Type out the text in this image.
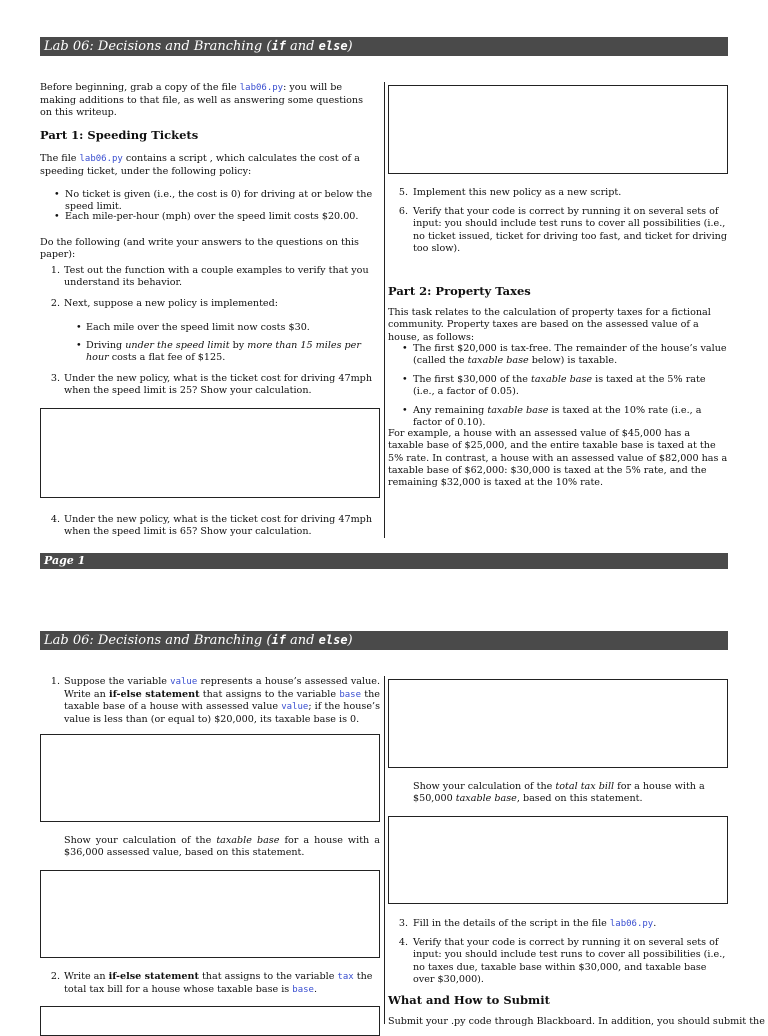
Lab 06: Decisions and Branching (if and else)
Before beginning, grab a copy of the file lab06.py: you will be making additions to that file, as well as answering some questions on this writeup.
Part 1: Speeding Tickets
The file lab06.py contains a script , which calculates the cost of a speeding ticket, under the following policy:
• No ticket is given (i.e., the cost is 0) for driving at or below the speed limit.
• Each mile-per-hour (mph) over the speed limit costs $20.00.
Do the following (and write your answers to the questions on this paper):
1. Test out the function with a couple examples to verify that you understand its behavior.
2. Next, suppose a new policy is implemented:
• Each mile over the speed limit now costs $30.
• Driving under the speed limit by more than 15 miles per hour costs a flat fee of $125.
3. Under the new policy, what is the ticket cost for driving 47mph when the speed limit is 25? Show your calculation.
4. Under the new policy, what is the ticket cost for driving 47mph when the speed limit is 65? Show your calculation.
5. Implement this new policy as a new script.
6. Verify that your code is correct by running it on several sets of input: you should include test runs to cover all possibilities (i.e., no ticket issued, ticket for driving too fast, and ticket for driving too slow).
Part 2: Property Taxes
This task relates to the calculation of property taxes for a fictional community. Property taxes are based on the assessed value of a house, as follows:
• The first $20,000 is tax-free. The remainder of the house’s value (called the taxable base below) is taxable.
• The first $30,000 of the taxable base is taxed at the 5% rate (i.e., a factor of 0.05).
• Any remaining taxable base is taxed at the 10% rate (i.e., a factor of 0.10).
For example, a house with an assessed value of $45,000 has a taxable base of $25,000, and the entire taxable base is taxed at the 5% rate. In contrast, a house with an assessed value of $82,000 has a taxable base of $62,000: $30,000 is taxed at the 5% rate, and the remaining $32,000 is taxed at the 10% rate.
Page 1
Lab 06: Decisions and Branching (if and else)
1. Suppose the variable value represents a house’s assessed value. Write an if-else statement that assigns to the variable base the taxable base of a house with assessed value value; if the house’s value is less than (or equal to) $20,000, its taxable base is 0.
Show your calculation of the taxable base for a house with a $36,000 assessed value, based on this statement.
2. Write an if-else statement that assigns to the variable tax the total tax bill for a house whose taxable base is base.
Show your calculation of the total tax bill for a house with a $50,000 taxable base, based on this statement.
3. Fill in the details of the script in the file lab06.py.
4. Verify that your code is correct by running it on several sets of input: you should include test runs to cover all possibilities (i.e., no taxes due, taxable base within $30,000, and taxable base over $30,000).
What and How to Submit
Submit your .py code through Blackboard. In addition, you should submit the
